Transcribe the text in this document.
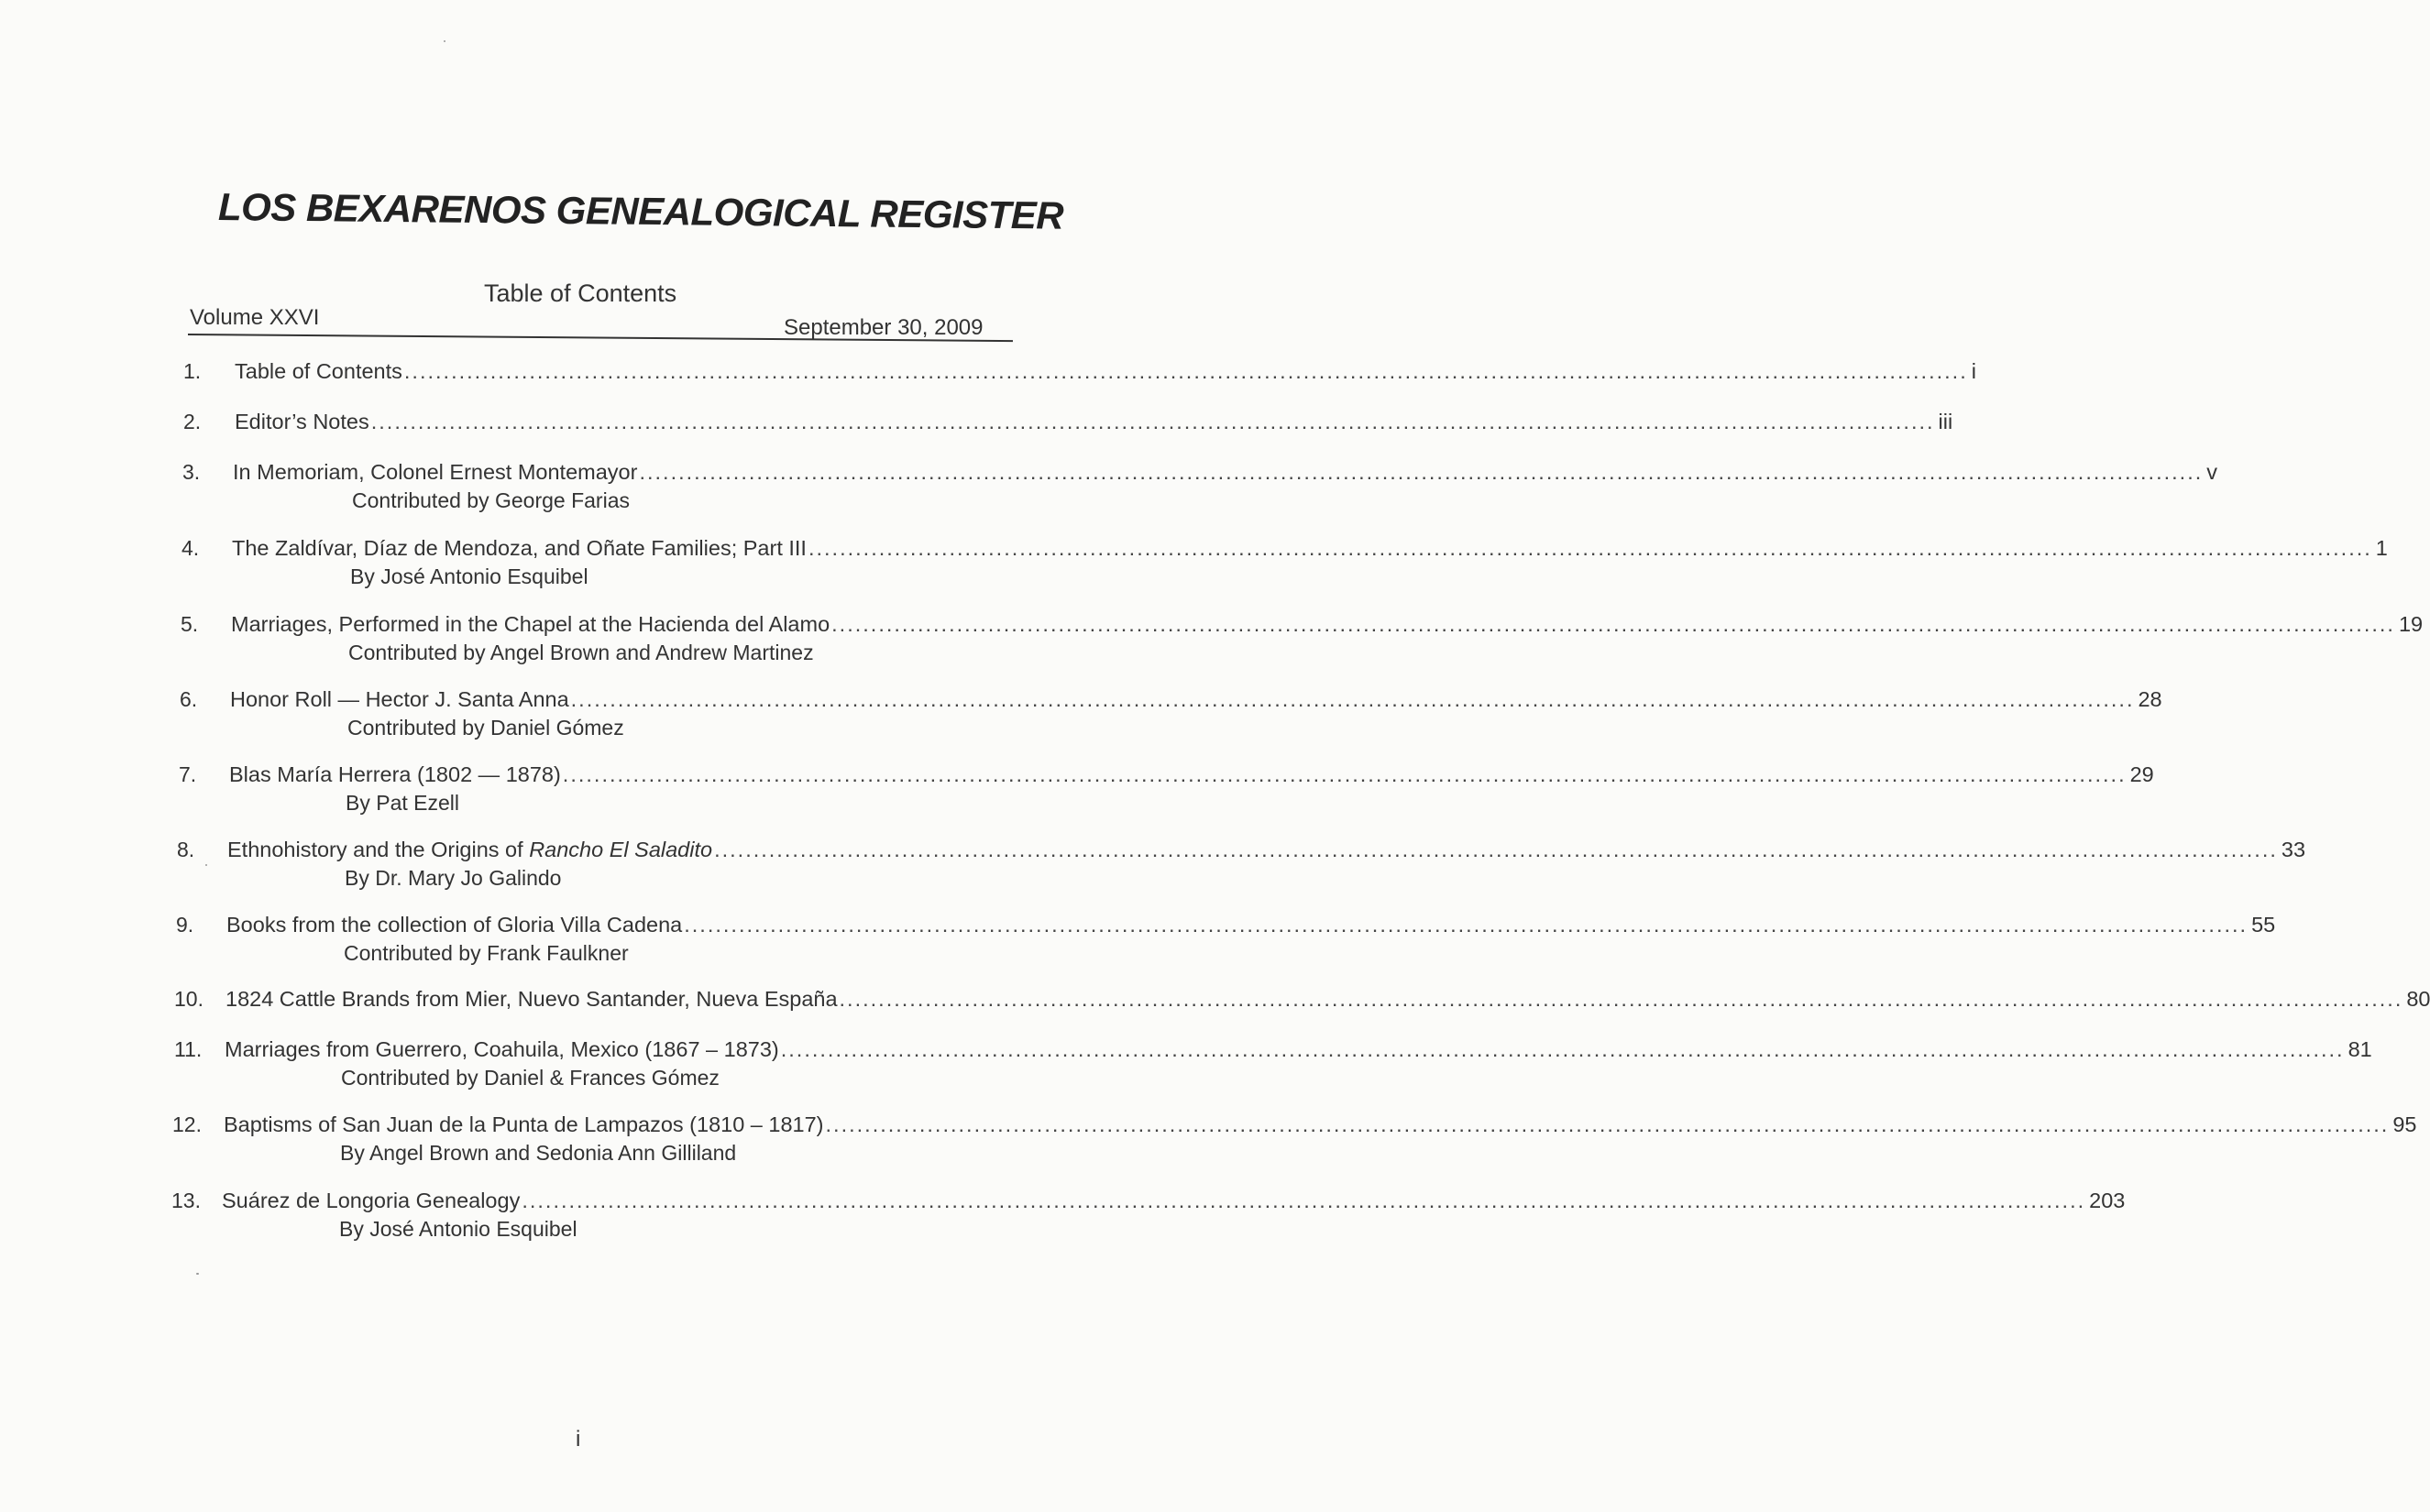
LOS BEXARENOS GENEALOGICAL REGISTER
Table of Contents
Volume XXVI	September 30, 2009
1. Table of Contents ........................................................................................................................................................................................................ i
2. Editor’s Notes ........................................................................................................................................................................................................ iii
3. In Memoriam, Colonel Ernest Montemayor ........................................................................................................................................................................................................ v
Contributed by George Farias
4. The Zaldívar, Díaz de Mendoza, and Oñate Families; Part III ........................................................................................................................................................................................................ 1
By José Antonio Esquibel
5. Marriages, Performed in the Chapel at the Hacienda del Alamo ........................................................................................................................................................................................................ 19
Contributed by Angel Brown and Andrew Martinez
6. Honor Roll — Hector J. Santa Anna ........................................................................................................................................................................................................ 28
Contributed by Daniel Gómez
7. Blas María Herrera (1802 — 1878) ........................................................................................................................................................................................................ 29
By Pat Ezell
8. Ethnohistory and the Origins of Rancho El Saladito ........................................................................................................................................................................................................ 33
By Dr. Mary Jo Galindo
9. Books from the collection of Gloria Villa Cadena ........................................................................................................................................................................................................ 55
Contributed by Frank Faulkner
10. 1824 Cattle Brands from Mier, Nuevo Santander, Nueva España ........................................................................................................................................................................................................ 80
11. Marriages from Guerrero, Coahuila, Mexico (1867 – 1873) ........................................................................................................................................................................................................ 81
Contributed by Daniel & Frances Gómez
12. Baptisms of San Juan de la Punta de Lampazos (1810 – 1817) ........................................................................................................................................................................................................ 95
By Angel Brown and Sedonia Ann Gilliland
13. Suárez de Longoria Genealogy ........................................................................................................................................................................................................ 203
By José Antonio Esquibel
i
